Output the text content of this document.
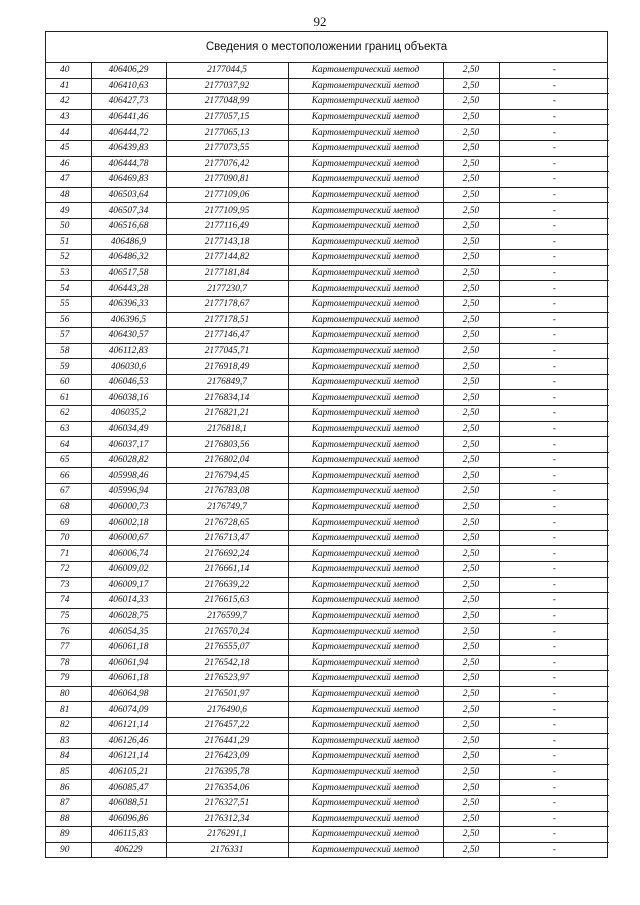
92
Сведения о местоположении границ объекта
40	406406,29	2177044,5	Картометрический метод	2,50	-
41	406410,63	2177037,92	Картометрический метод	2,50	-
42	406427,73	2177048,99	Картометрический метод	2,50	-
43	406441,46	2177057,15	Картометрический метод	2,50	-
44	406444,72	2177065,13	Картометрический метод	2,50	-
45	406439,83	2177073,55	Картометрический метод	2,50	-
46	406444,78	2177076,42	Картометрический метод	2,50	-
47	406469,83	2177090,81	Картометрический метод	2,50	-
48	406503,64	2177109,06	Картометрический метод	2,50	-
49	406507,34	2177109,95	Картометрический метод	2,50	-
50	406516,68	2177116,49	Картометрический метод	2,50	-
51	406486,9	2177143,18	Картометрический метод	2,50	-
52	406486,32	2177144,82	Картометрический метод	2,50	-
53	406517,58	2177181,84	Картометрический метод	2,50	-
54	406443,28	2177230,7	Картометрический метод	2,50	-
55	406396,33	2177178,67	Картометрический метод	2,50	-
56	406396,5	2177178,51	Картометрический метод	2,50	-
57	406430,57	2177146,47	Картометрический метод	2,50	-
58	406112,83	2177045,71	Картометрический метод	2,50	-
59	406030,6	2176918,49	Картометрический метод	2,50	-
60	406046,53	2176849,7	Картометрический метод	2,50	-
61	406038,16	2176834,14	Картометрический метод	2,50	-
62	406035,2	2176821,21	Картометрический метод	2,50	-
63	406034,49	2176818,1	Картометрический метод	2,50	-
64	406037,17	2176803,56	Картометрический метод	2,50	-
65	406028,82	2176802,04	Картометрический метод	2,50	-
66	405998,46	2176794,45	Картометрический метод	2,50	-
67	405996,94	2176783,08	Картометрический метод	2,50	-
68	406000,73	2176749,7	Картометрический метод	2,50	-
69	406002,18	2176728,65	Картометрический метод	2,50	-
70	406000,67	2176713,47	Картометрический метод	2,50	-
71	406006,74	2176692,24	Картометрический метод	2,50	-
72	406009,02	2176661,14	Картометрический метод	2,50	-
73	406009,17	2176639,22	Картометрический метод	2,50	-
74	406014,33	2176615,63	Картометрический метод	2,50	-
75	406028,75	2176599,7	Картометрический метод	2,50	-
76	406054,35	2176570,24	Картометрический метод	2,50	-
77	406061,18	2176555,07	Картометрический метод	2,50	-
78	406061,94	2176542,18	Картометрический метод	2,50	-
79	406061,18	2176523,97	Картометрический метод	2,50	-
80	406064,98	2176501,97	Картометрический метод	2,50	-
81	406074,09	2176490,6	Картометрический метод	2,50	-
82	406121,14	2176457,22	Картометрический метод	2,50	-
83	406126,46	2176441,29	Картометрический метод	2,50	-
84	406121,14	2176423,09	Картометрический метод	2,50	-
85	406105,21	2176395,78	Картометрический метод	2,50	-
86	406085,47	2176354,06	Картометрический метод	2,50	-
87	406088,51	2176327,51	Картометрический метод	2,50	-
88	406096,86	2176312,34	Картометрический метод	2,50	-
89	406115,83	2176291,1	Картометрический метод	2,50	-
90	406229	2176331	Картометрический метод	2,50	-
